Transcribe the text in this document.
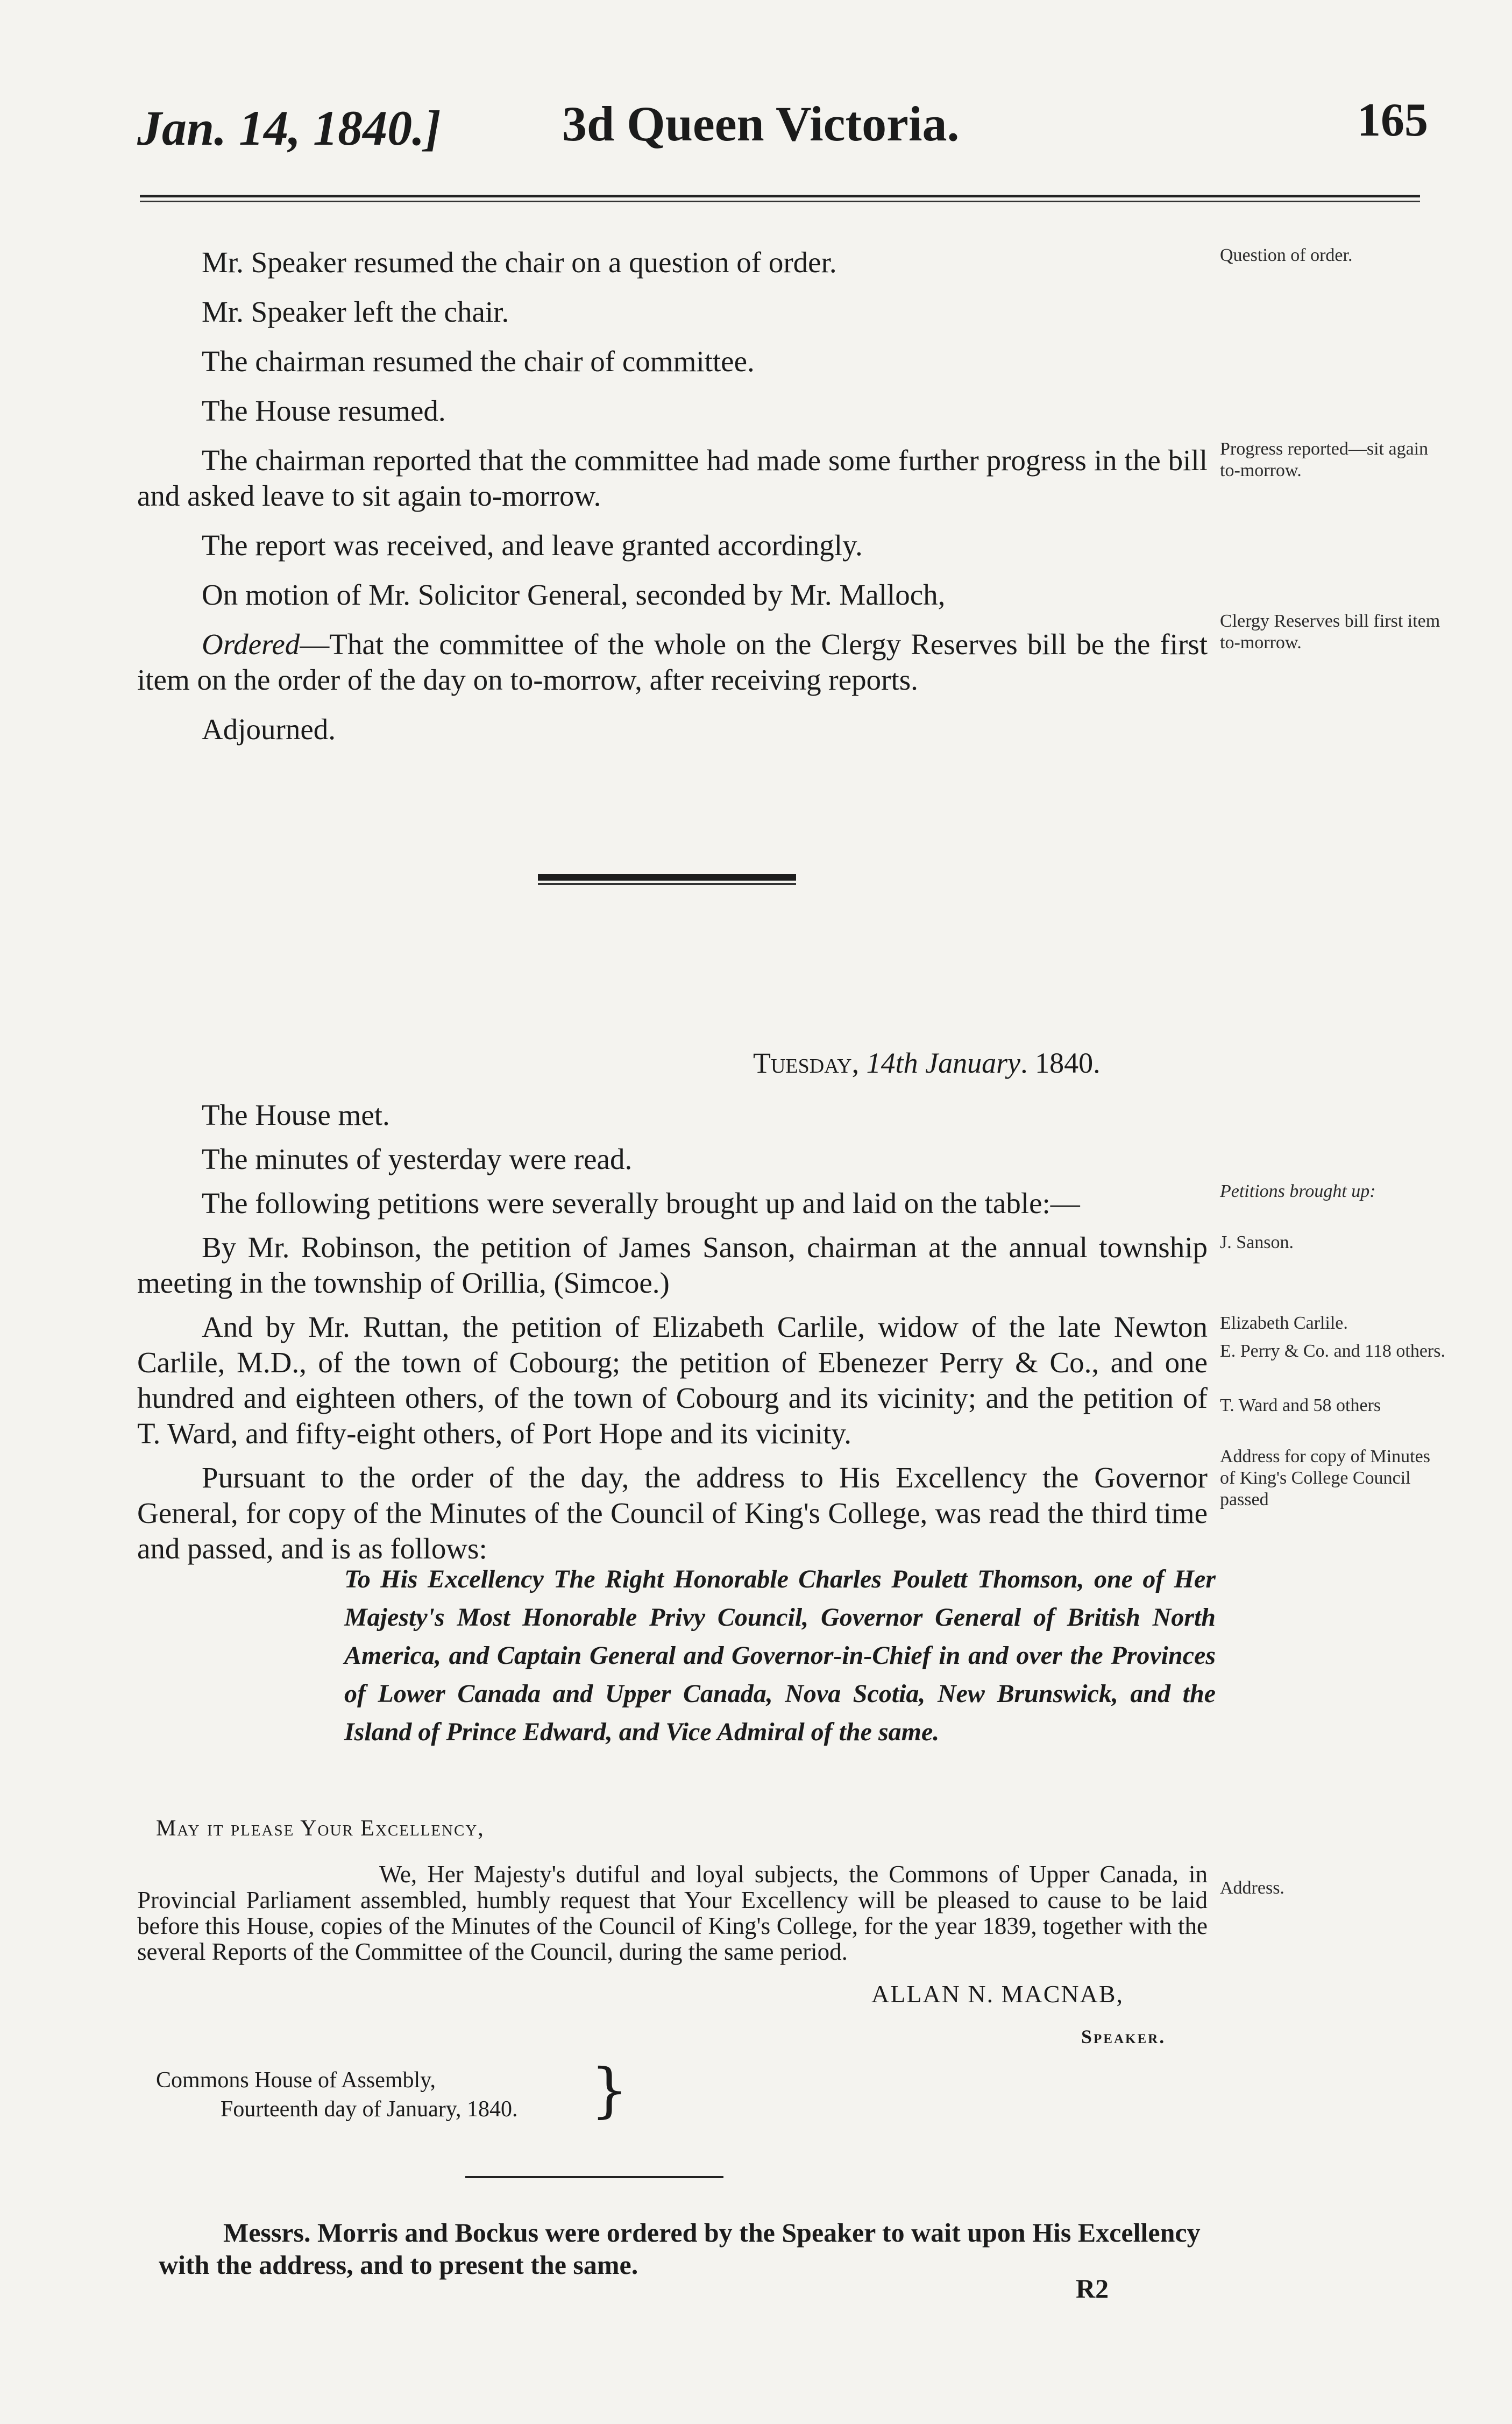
Jan. 14, 1840.] 3d Queen Victoria.	165

Mr. Speaker resumed the chair on a question of order.

Mr. Speaker left the chair.

The chairman resumed the chair of committee.

The House resumed.

The chairman reported that the committee had made some further progress in the bill and asked leave to sit again to-morrow.

The report was received, and leave granted accordingly.

On motion of Mr. Solicitor General, seconded by Mr. Malloch,

Ordered—That the committee of the whole on the Clergy Reserves bill be the first item on the order of the day on to-morrow, after receiving reports.

Adjourned.

Question of order.
Progress reported—sit again to-morrow.
Clergy Reserves bill first item to-morrow.
Tuesday, 14th January. 1840.

The House met.

The minutes of yesterday were read.

The following petitions were severally brought up and laid on the table:—

By Mr. Robinson, the petition of James Sanson, chairman at the annual township meeting in the township of Orillia, (Simcoe.)

And by Mr. Ruttan, the petition of Elizabeth Carlile, widow of the late Newton Carlile, M.D., of the town of Cobourg; the petition of Ebenezer Perry & Co., and one hundred and eighteen others, of the town of Cobourg and its vicinity; and the petition of T. Ward, and fifty-eight others, of Port Hope and its vicinity.

Pursuant to the order of the day, the address to His Excellency the Governor General, for copy of the Minutes of the Council of King's College, was read the third time and passed, and is as follows:

Petitions brought up:
J. Sanson.
Elizabeth Carlile.
E. Perry & Co. and 118 others.
T. Ward and 58 others
Address for copy of Minutes of King's College Council passed
Address.
To His Excellency The Right Honorable Charles Poulett Thomson, one of Her Majesty's Most Honorable Privy Council, Governor General of British North America, and Captain General and Governor-in-Chief in and over the Provinces of Lower Canada and Upper Canada, Nova Scotia, New Brunswick, and the Island of Prince Edward, and Vice Admiral of the same.
May it please Your Excellency,
We, Her Majesty's dutiful and loyal subjects, the Commons of Upper Canada, in Provincial Parliament assembled, humbly request that Your Excellency will be pleased to cause to be laid before this House, copies of the Minutes of the Council of King's College, for the year 1839, together with the several Reports of the Committee of the Council, during the same period.
ALLAN N. MACNAB,
Speaker.
Commons House of Assembly,
Fourteenth day of January, 1840. }
Messrs. Morris and Bockus were ordered by the Speaker to wait upon His Excellency with the address, and to present the same.
R2
